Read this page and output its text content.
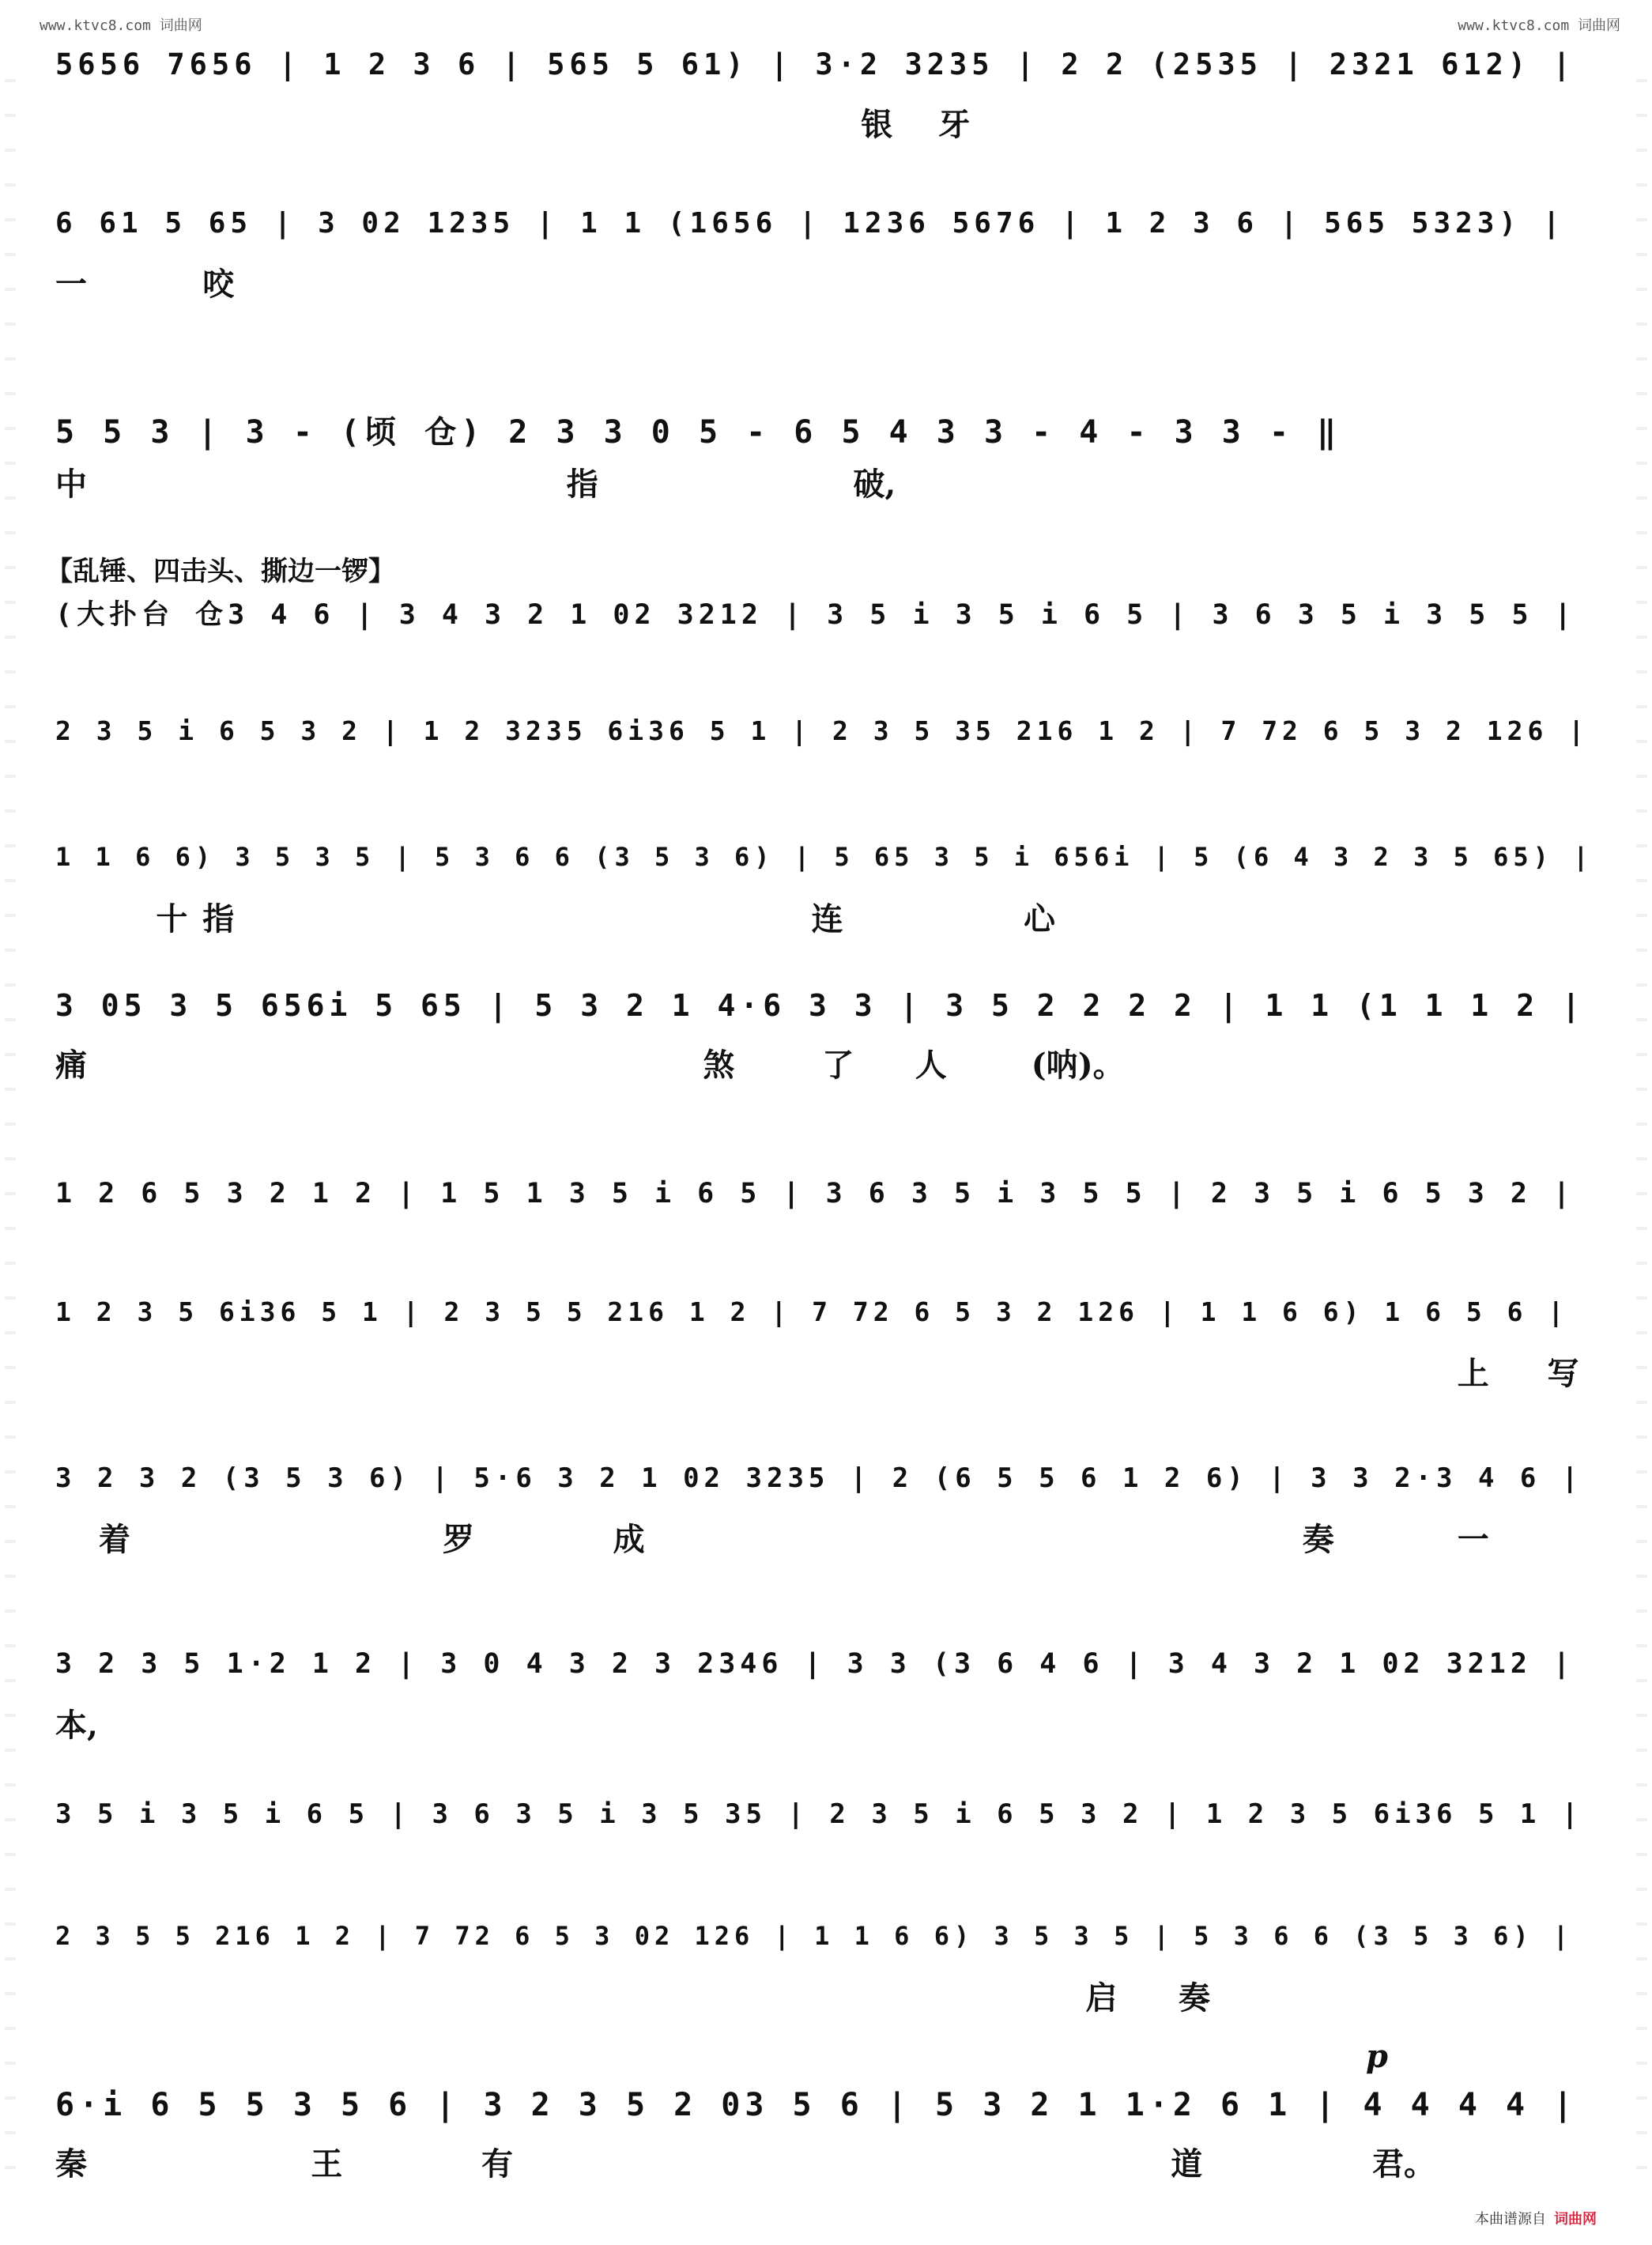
www.ktvc8.com 词曲网	www.ktvc8.com 词曲网
5656 7656 | 1 2 3 6 | 565 5 61) | 3·2 3235 | 2 2 (2535 | 2321 612) |
银 牙
6 61 5 65 | 3 02 1235 | 1 1 (1656 | 1236 5676 | 1 2 3 6 | 565 5323) |
一	咬
5 5 3 | 3 - (顷 仓) 2 3 3 0 5 - 6 5 4 3 3 - 4 - 3 3 - ‖
中	指	破,
(大扑台 仓3 4 6 | 3 4 3 2 1 02 3212 | 3 5 i 3 5 i 6 5 | 3 6 3 5 i 3 5 5 |
2 3 5 i 6 5 3 2 | 1 2 3235 6i36 5 1 | 2 3 5 35 216 1 2 | 7 72 6 5 3 2 126 |
1 1 6 6) 3 5 3 5 | 5 3 6 6 (3 5 3 6) | 5 65 3 5 i 656i | 5 (6 4 3 2 3 5 65) |
十 指	连	心
3 05 3 5 656i 5 65 | 5 3 2 1 4·6 3 3 | 3 5 2 2 2 2 | 1 1 (1 1 1 2 |
痛	煞	了 人	(呐)。
1 2 6 5 3 2 1 2 | 1 5 1 3 5 i 6 5 | 3 6 3 5 i 3 5 5 | 2 3 5 i 6 5 3 2 |
1 2 3 5 6i36 5 1 | 2 3 5 5 216 1 2 | 7 72 6 5 3 2 126 | 1 1 6 6) 1 6 5 6 |
上 写
3 2 3 2 (3 5 3 6) | 5·6 3 2 1 02 3235 | 2 (6 5 5 6 1 2 6) | 3 3 2·3 4 6 |
着	罗	成	奏	一
3 2 3 5 1·2 1 2 | 3 0 4 3 2 3 2346 | 3 3 (3 6 4 6 | 3 4 3 2 1 02 3212 |
本,
3 5 i 3 5 i 6 5 | 3 6 3 5 i 3 5 35 | 2 3 5 i 6 5 3 2 | 1 2 3 5 6i36 5 1 |
2 3 5 5 216 1 2 | 7 72 6 5 3 02 126 | 1 1 6 6) 3 5 3 5 | 5 3 6 6 (3 5 3 6) |
启 奏
6·i 6 5 5 3 5 6 | 3 2 3 5 2 03 5 6 | 5 3 2 1 1·2 6 1 | 4 4 4 4 |
秦	王	有	道	君。
【乱锤、四击头、撕边一锣】
p
本曲谱源自 词曲网
